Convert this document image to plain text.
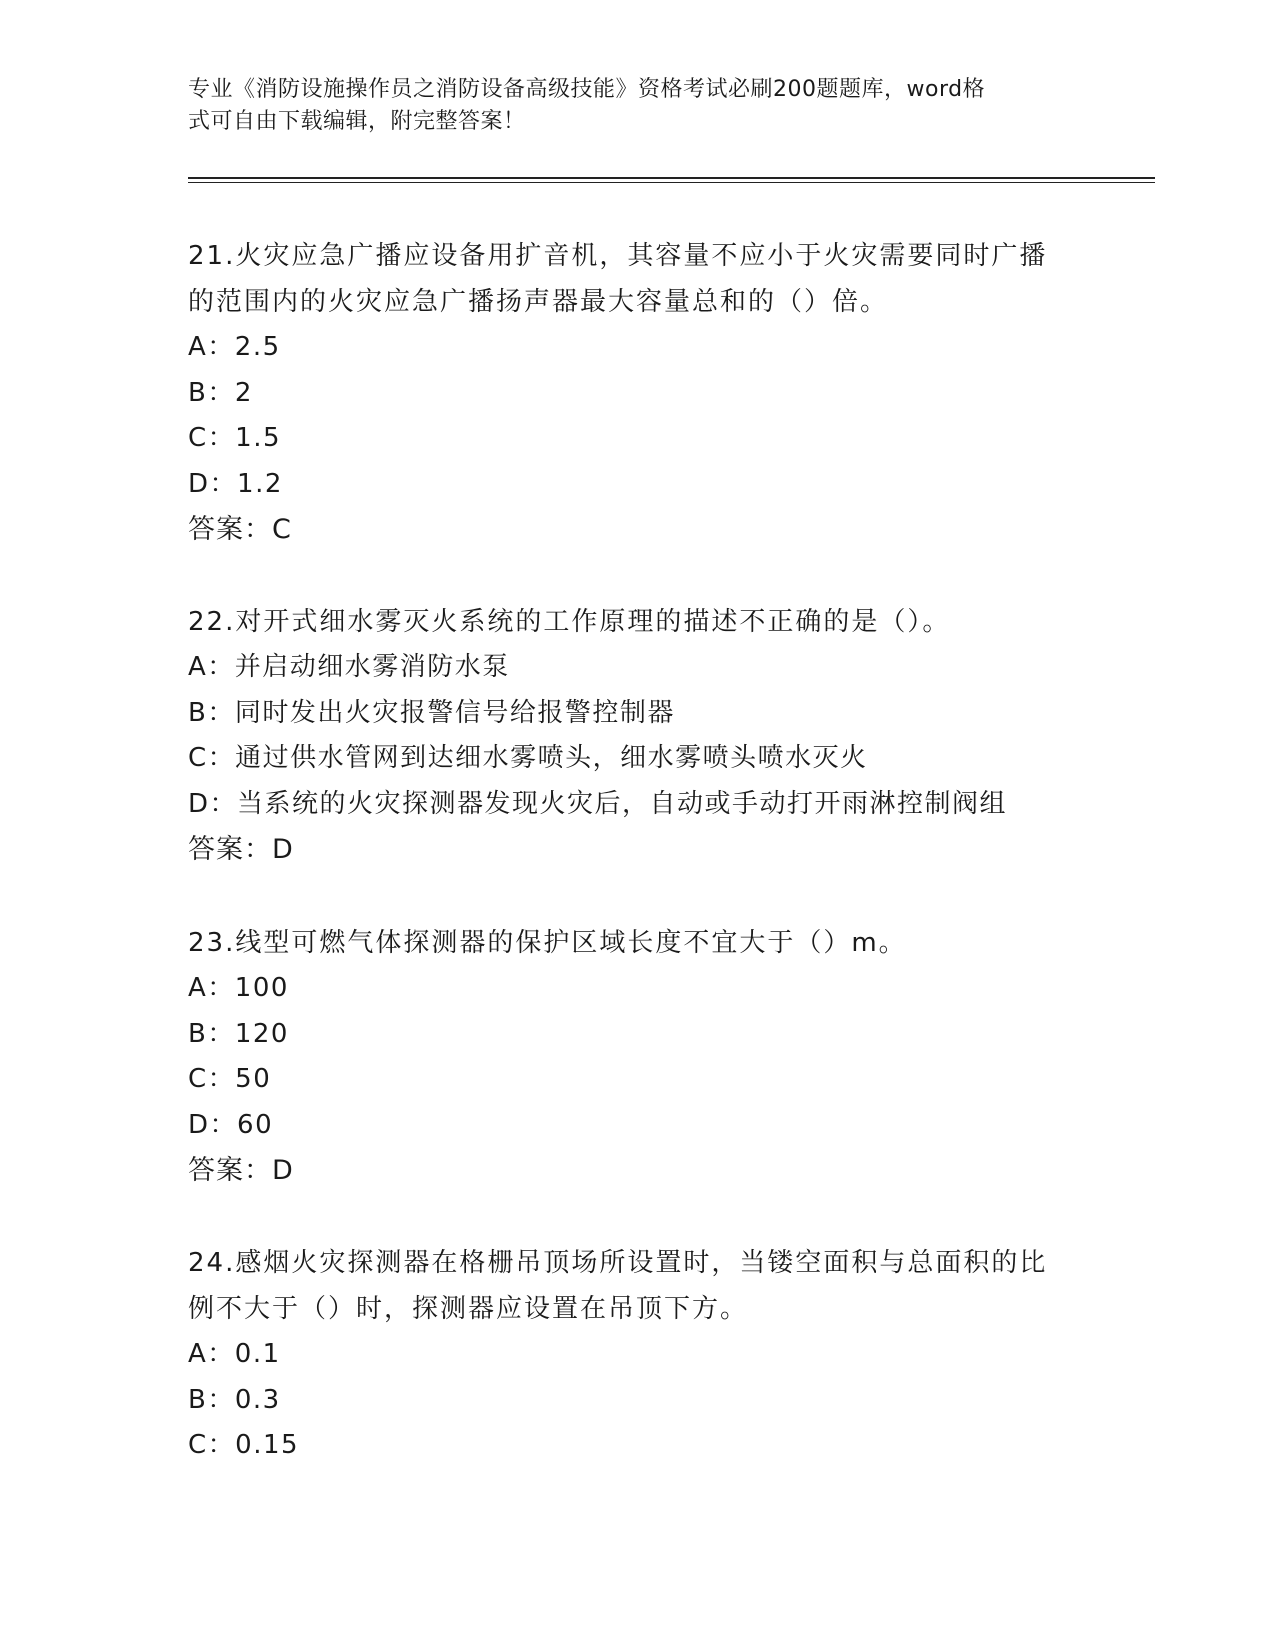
专业《消防设施操作员之消防设备高级技能》资格考试必刷200题题库，word格
式可自由下载编辑，附完整答案！
21.火灾应急广播应设备用扩音机，其容量不应小于火灾需要同时广播
的范围内的火灾应急广播扬声器最大容量总和的（）倍。
A：2.5
B：2
C：1.5
D：1.2
答案：C
22.对开式细水雾灭火系统的工作原理的描述不正确的是（）。
A：并启动细水雾消防水泵
B：同时发出火灾报警信号给报警控制器
C：通过供水管网到达细水雾喷头，细水雾喷头喷水灭火
D：当系统的火灾探测器发现火灾后，自动或手动打开雨淋控制阀组
答案：D
23.线型可燃气体探测器的保护区域长度不宜大于（）m。
A：100
B：120
C：50
D：60
答案：D
24.感烟火灾探测器在格栅吊顶场所设置时，当镂空面积与总面积的比
例不大于（）时，探测器应设置在吊顶下方。
A：0.1
B：0.3
C：0.15
